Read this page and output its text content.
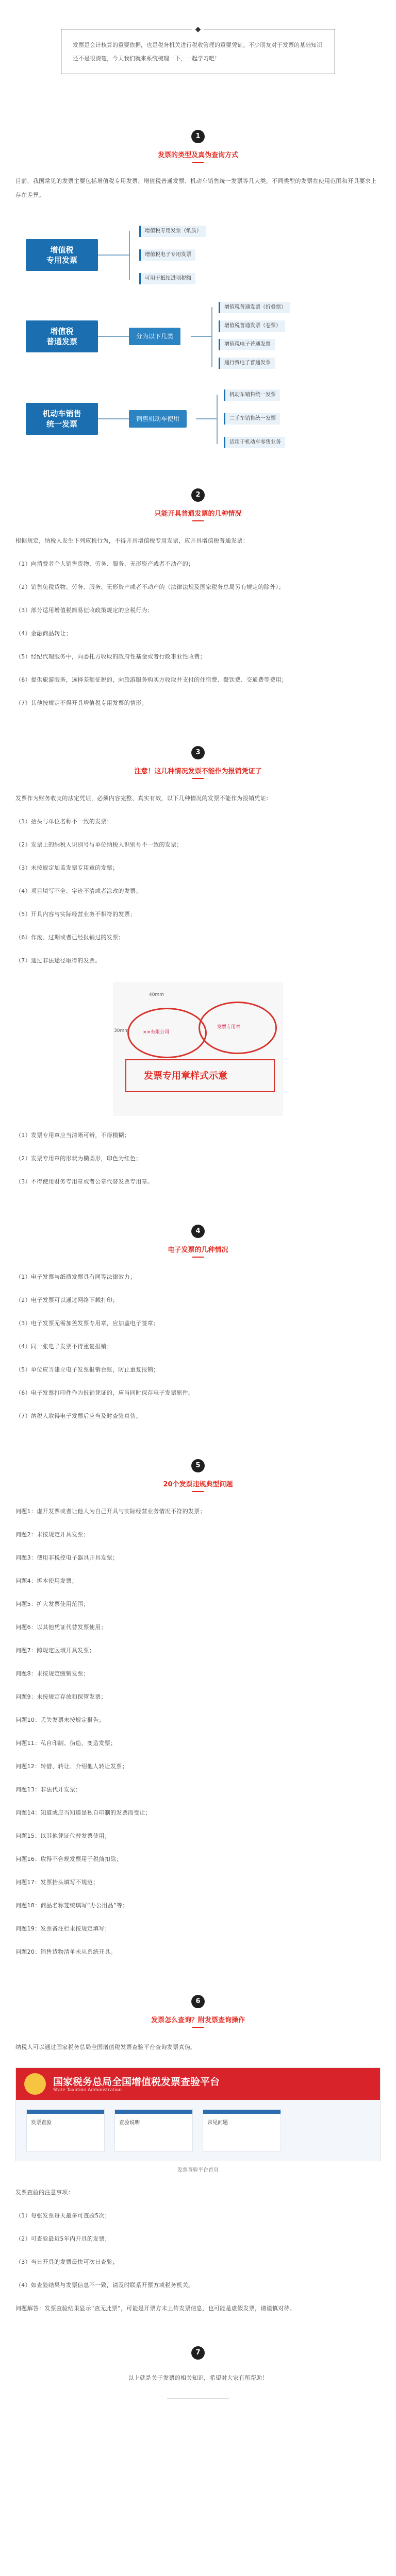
◆
发票是会计核算的重要依据，也是税务机关进行税收管理的重要凭证。不少朋友对于发票的基础知识还不是很清楚，今天我们就来系统梳理一下，一起学习吧！
1
发票的类型及真伪查询方式
目前，我国常见的发票主要包括增值税专用发票、增值税普通发票、机动车销售统一发票等几大类，不同类型的发票在使用范围和开具要求上存在差异。
增值税
专用发票
增值税专用发票（纸质）
增值税电子专用发票
可用于抵扣进项税额
增值税
普通发票
分为以下几类
增值税普通发票（折叠票）
增值税普通发票（卷票）
增值税电子普通发票
通行费电子普通发票
机动车销售
统一发票
销售机动车使用
机动车销售统一发票
二手车销售统一发票
适用于机动车零售业务
2
只能开具普通发票的几种情况
根据规定，纳税人发生下列应税行为，不得开具增值税专用发票，应开具增值税普通发票：
（1）向消费者个人销售货物、劳务、服务、无形资产或者不动产的；
（2）销售免税货物、劳务、服务、无形资产或者不动产的（法律法规及国家税务总局另有规定的除外）；
（3）部分适用增值税简易征收政策规定的应税行为；
（4）金融商品转让；
（5）经纪代理服务中，向委托方收取的政府性基金或者行政事业性收费；
（6）提供旅游服务，选择差额征税的，向旅游服务购买方收取并支付的住宿费、餐饮费、交通费等费用；
（7）其他按规定不得开具增值税专用发票的情形。
3
注意！这几种情况发票不能作为报销凭证了
发票作为财务收支的法定凭证，必须内容完整、真实有效，以下几种情况的发票不能作为报销凭证：
（1）抬头与单位名称不一致的发票；
（2）发票上的纳税人识别号与单位纳税人识别号不一致的发票；
（3）未按规定加盖发票专用章的发票；
（4）项目填写不全、字迹不清或者涂改的发票；
（5）开具内容与实际经营业务不相符的发票；
（6）作废、过期或者已经报销过的发票；
（7）通过非法途径取得的发票。
40mm
30mm	××有限公司
发票专用章
发票专用章样式示意
（1）发票专用章应当清晰可辨，不得模糊；
（2）发票专用章的形状为椭圆形，印色为红色；
（3）不得使用财务专用章或者公章代替发票专用章。
4
电子发票的几种情况
（1）电子发票与纸质发票具有同等法律效力；
（2）电子发票可以通过网络下载打印；
（3）电子发票无需加盖发票专用章，应加盖电子签章；
（4）同一张电子发票不得重复报销；
（5）单位应当建立电子发票报销台账，防止重复报销；
（6）电子发票打印件作为报销凭证的，应当同时保存电子发票原件。
（7）纳税人取得电子发票后应当及时查验真伪。
5
20个发票违规典型问题
问题1：虚开发票或者让他人为自己开具与实际经营业务情况不符的发票；
问题2：未按规定开具发票；
问题3：使用非税控电子器具开具发票；
问题4：拆本使用发票；
问题5：扩大发票使用范围；
问题6：以其他凭证代替发票使用；
问题7：跨规定区域开具发票；
问题8：未按规定缴销发票；
问题9：未按规定存放和保管发票；
问题10：丢失发票未按规定报告；
问题11：私自印制、伪造、变造发票；
问题12：转借、转让、介绍他人转让发票；
问题13：非法代开发票；
问题14：知道或应当知道是私自印制的发票而受让；
问题15：以其他凭证代替发票使用；
问题16：取得不合规发票用于税前扣除；
问题17：发票抬头填写不规范；
问题18：商品名称笼统填写“办公用品”等；
问题19：发票备注栏未按规定填写；
问题20：销售货物清单未从系统开具。
6
发票怎么查询？附发票查询操作
纳税人可以通过国家税务总局全国增值税发票查验平台查询发票真伪。
国家税务总局全国增值税发票查验平台
State Taxation Administration
发票查验
	查验说明
	常见问题
发票查验平台首页
发票查验的注意事项：
（1）每张发票每天最多可查验5次；
（2）可查验最近5年内开具的发票；
（3）当日开具的发票最快可次日查验；
（4）如查验结果与发票信息不一致，请及时联系开票方或税务机关。
问题解答：发票查验结果显示“查无此票”，可能是开票方未上传发票信息，也可能是虚假发票，请谨慎对待。
7
以上就是关于发票的相关知识，希望对大家有所帮助！
